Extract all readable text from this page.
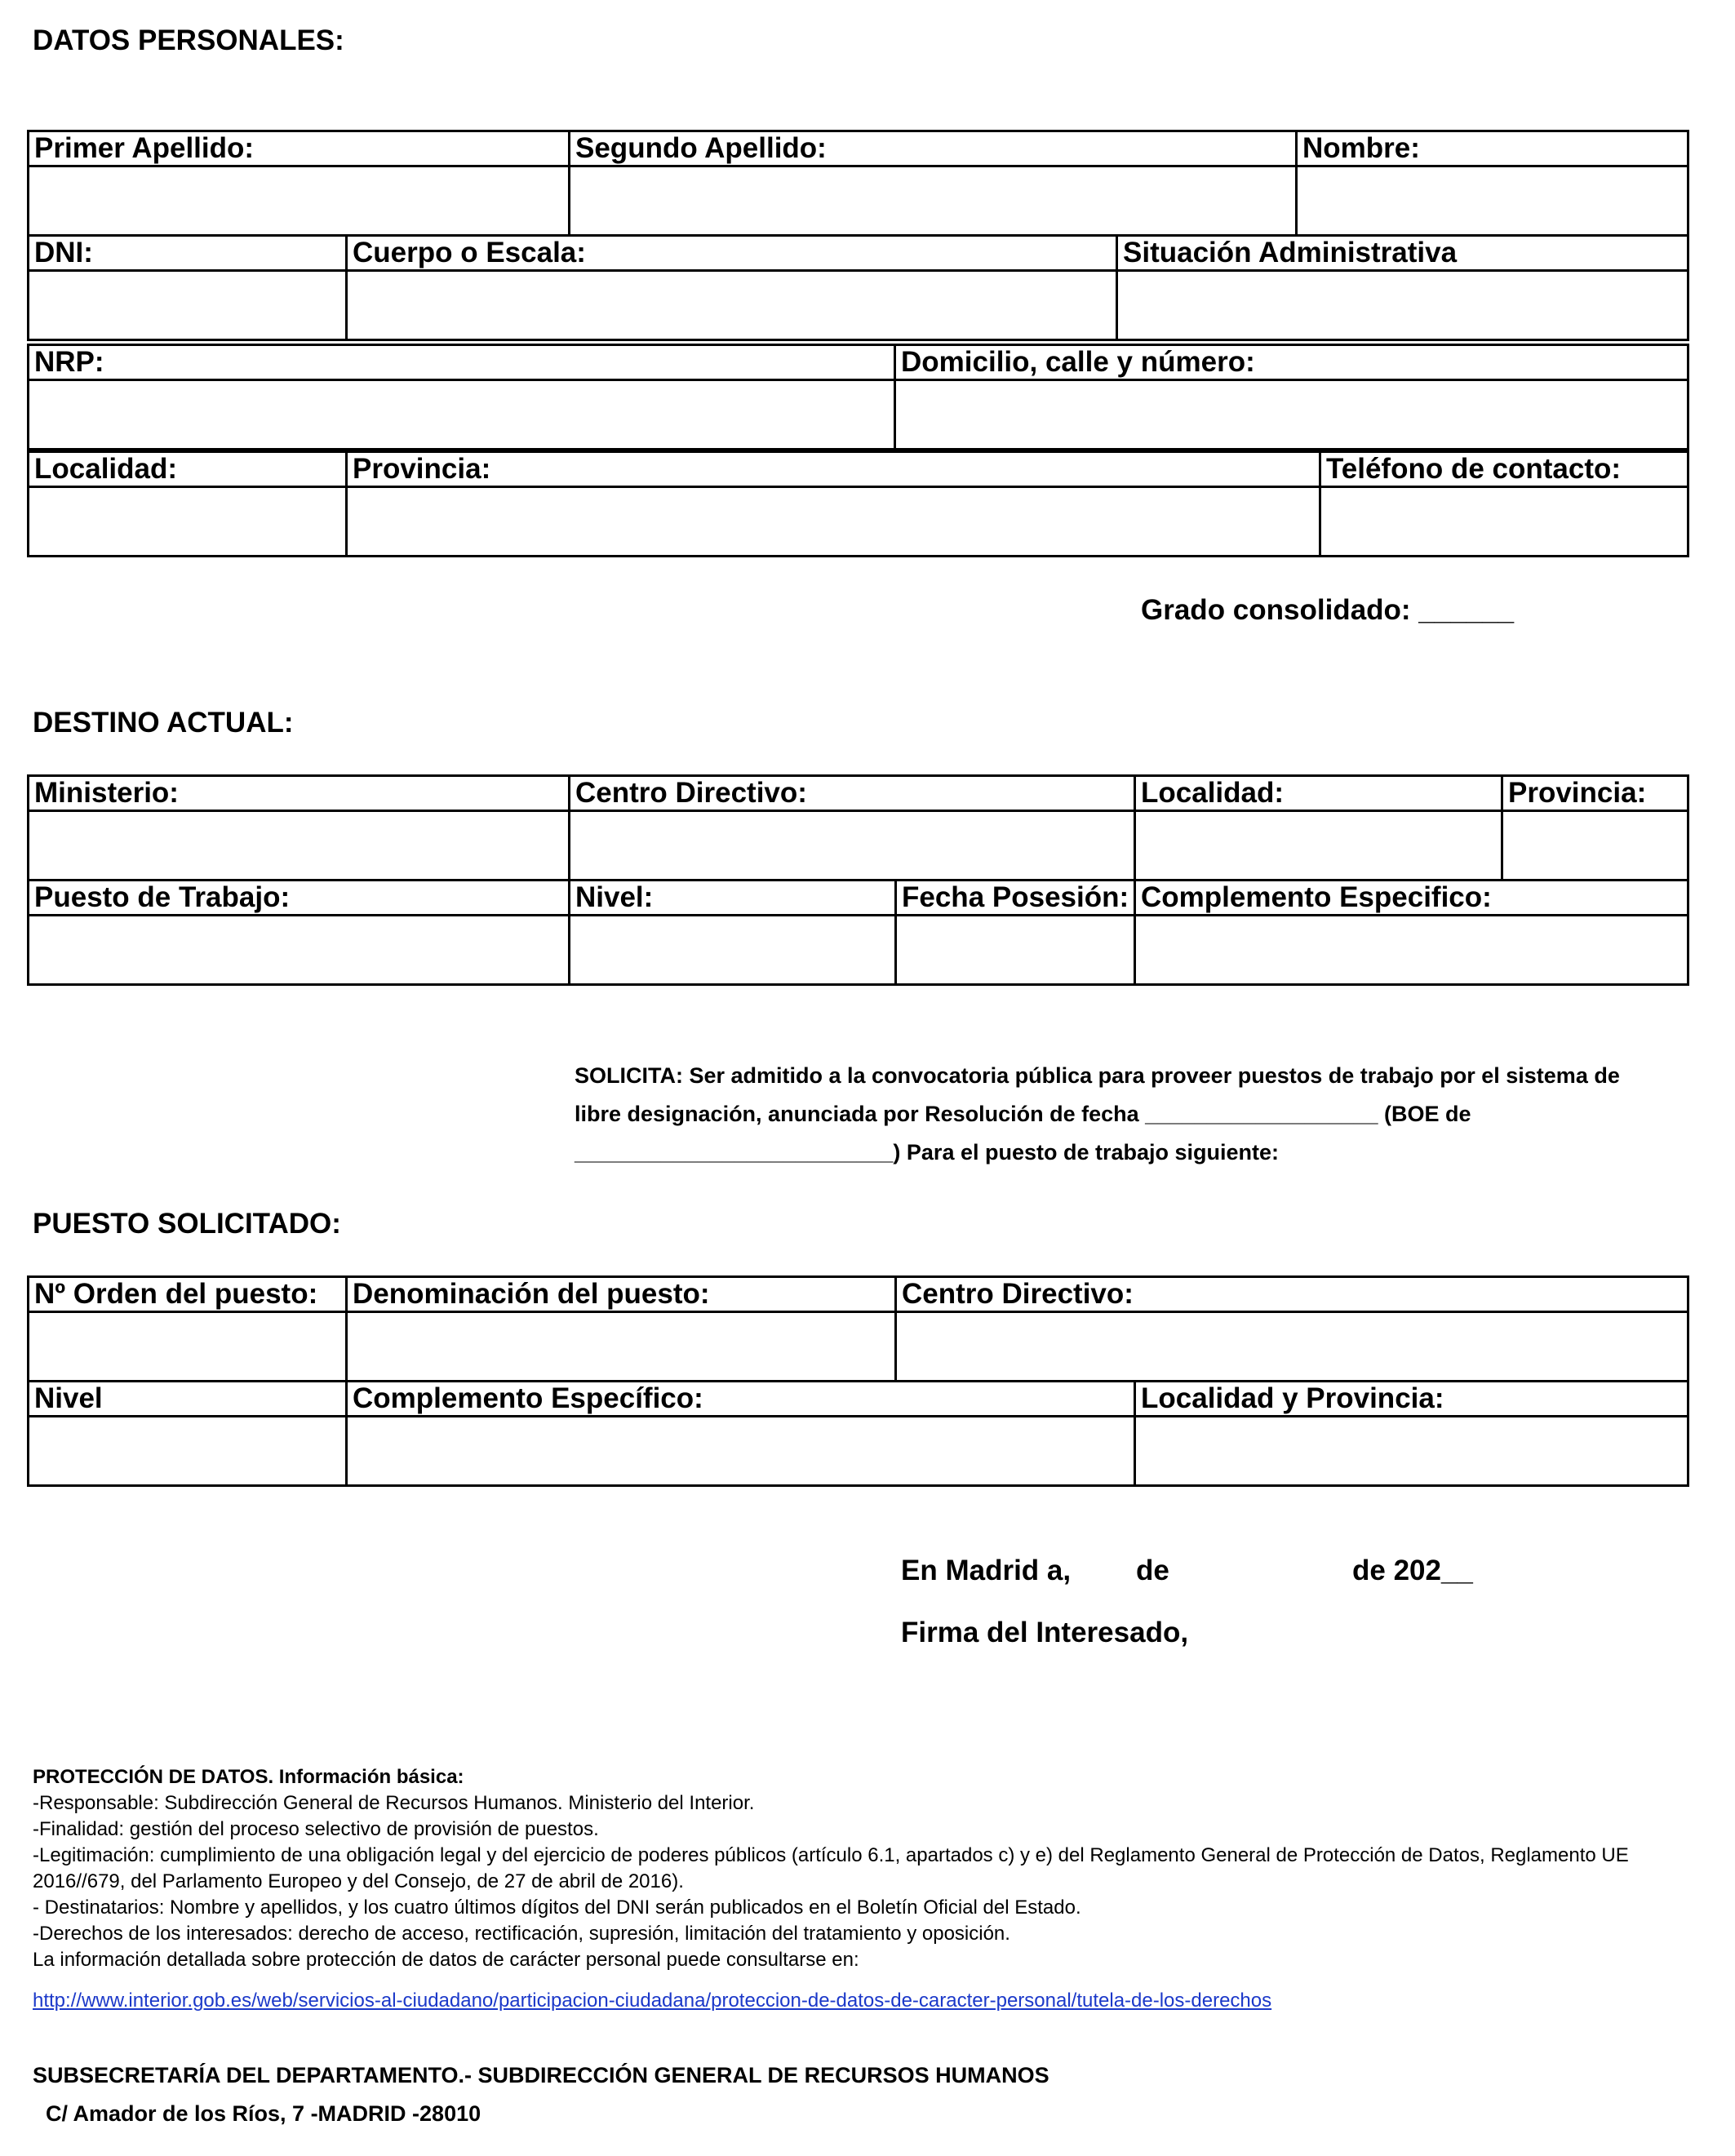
DATOS PERSONALES:
Primer Apellido:		Segundo Apellido:		Nombre:

DNI:	Cuerpo o Escala:		Situación Administrativa	

NRP:	Domicilio, calle y número:

Localidad:	Provincia:	Teléfono de contacto:

Grado consolidado: ______
DESTINO ACTUAL:
Ministerio:	Centro Directivo:		Localidad:	Provincia:

Puesto de Trabajo:	Nivel:	Fecha Posesión:	Complemento Especifico:	

SOLICITA: Ser admitido a la convocatoria pública para proveer puestos de trabajo por el sistema de
libre designación, anunciada por Resolución de fecha ___________________ (BOE de
__________________________) Para el puesto de trabajo siguiente:
PUESTO SOLICITADO:
Nº Orden del puesto:	Denominación del puesto:	Centro Directivo:	

Nivel	Complemento Específico:		Localidad y Provincia:

En Madrid a, de	de 202__
Firma del Interesado,
PROTECCIÓN DE DATOS. Información básica:
-Responsable: Subdirección General de Recursos Humanos. Ministerio del Interior.
-Finalidad: gestión del proceso selectivo de provisión de puestos.
-Legitimación: cumplimiento de una obligación legal y del ejercicio de poderes públicos (artículo 6.1, apartados c) y e) del Reglamento General de Protección de Datos, Reglamento UE 2016//679, del Parlamento Europeo y del Consejo, de 27 de abril de 2016).
- Destinatarios: Nombre y apellidos, y los cuatro últimos dígitos del DNI serán publicados en el Boletín Oficial del Estado.
-Derechos de los interesados: derecho de acceso, rectificación, supresión, limitación del tratamiento y oposición.
La información detallada sobre protección de datos de carácter personal puede consultarse en:
http://www.interior.gob.es/web/servicios-al-ciudadano/participacion-ciudadana/proteccion-de-datos-de-caracter-personal/tutela-de-los-derechos
SUBSECRETARÍA DEL DEPARTAMENTO.- SUBDIRECCIÓN GENERAL DE RECURSOS HUMANOS
C/ Amador de los Ríos, 7 -MADRID -28010
